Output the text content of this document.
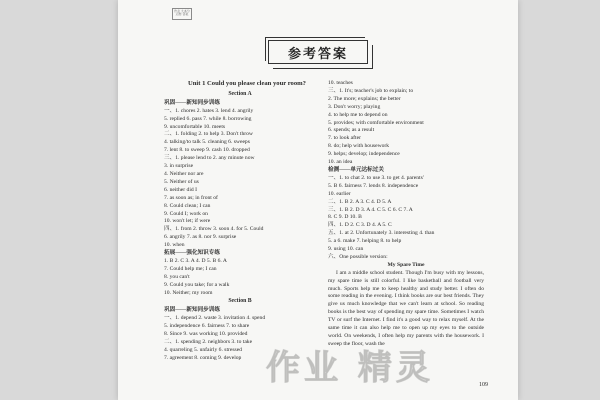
作业 大本分运转 答案
参考答案
Unit 1 Could you please clean your room?
Section A
巩固——新知同步训练
一、1. chores 2. hates 3. lend 4. angrily
5. replied 6. pass 7. while 8. borrowing
9. uncomfortable 10. meets
二、1. folding 2. to help 3. Don't throw
4. talking/to talk 5. cleaning 6. sweeps
7. lent 8. to sweep 9. cash 10. dropped
三、1. please lend to 2. any minute now
3. in surprise
4. Neither nor are
5. Neither of us
6. neither did I
7. as soon as; in front of
8. Could clean; I can
9. Could I; work on
10. won't let; if were
四、1. from 2. throw 3. soon 4. for 5. Could
6. angrily 7. as 8. nor 9. surprise
10. when
拓展——强化知识专练
1. B 2. C 3. A 4. D 5. B 6. A
7. Could help me; I can
8. you can't
9. Could you take; for a walk
10. Neither; my room
Section B
巩固——新知同步训练
一、1. depend 2. waste 3. invitation 4. spend
5. independence 6. fairness 7. to share
8. Since 9. was working 10. provided
二、1. spending 2. neighbors 3. to take
4. quarreling 5. unfairly 6. stressed
7. agreement 8. coming 9. develop
10. teaches
三、1. It's; teacher's job to explain; to
2. The more; explains; the better
3. Don't worry; playing
4. to help me to depend on
5. provides; with comfortable environment
6. spends; as a result
7. to look after
8. do; help with housework
9. helps; develop; independence
10. an idea
检测——单元达标过关
一、1. to chat 2. to use 3. to get 4. parents'
5. B 6. fairness 7. lends 8. independence
10. earlier
二、1. B 2. A 3. C 4. D 5. A
三、1. B 2. D 3. A 4. C 5. C 6. C 7. A
8. C 9. D 10. B
四、1. D 2. C 3. D 4. A 5. C
五、1. at 2. Unfortunately 3. interesting 4. than
5. a 6. make 7. helping 8. to help
9. using 10. can
六、One possible version:
My Spare Time
I am a middle school student. Though I'm busy with my lessons, my spare time is still colorful. I like basketball and football very much. Sports help me to keep healthy and study better. I often do some reading in the evening. I think books are our best friends. They give us much knowledge that we can't learn at school. So reading books is the best way of spending my spare time. Sometimes I watch TV or surf the Internet. I find it's a good way to relax myself. At the same time it can also help me to open up my eyes to the outside world. On weekends, I often help my parents with the housework. I sweep the floor, wash the
作业 精灵	109
